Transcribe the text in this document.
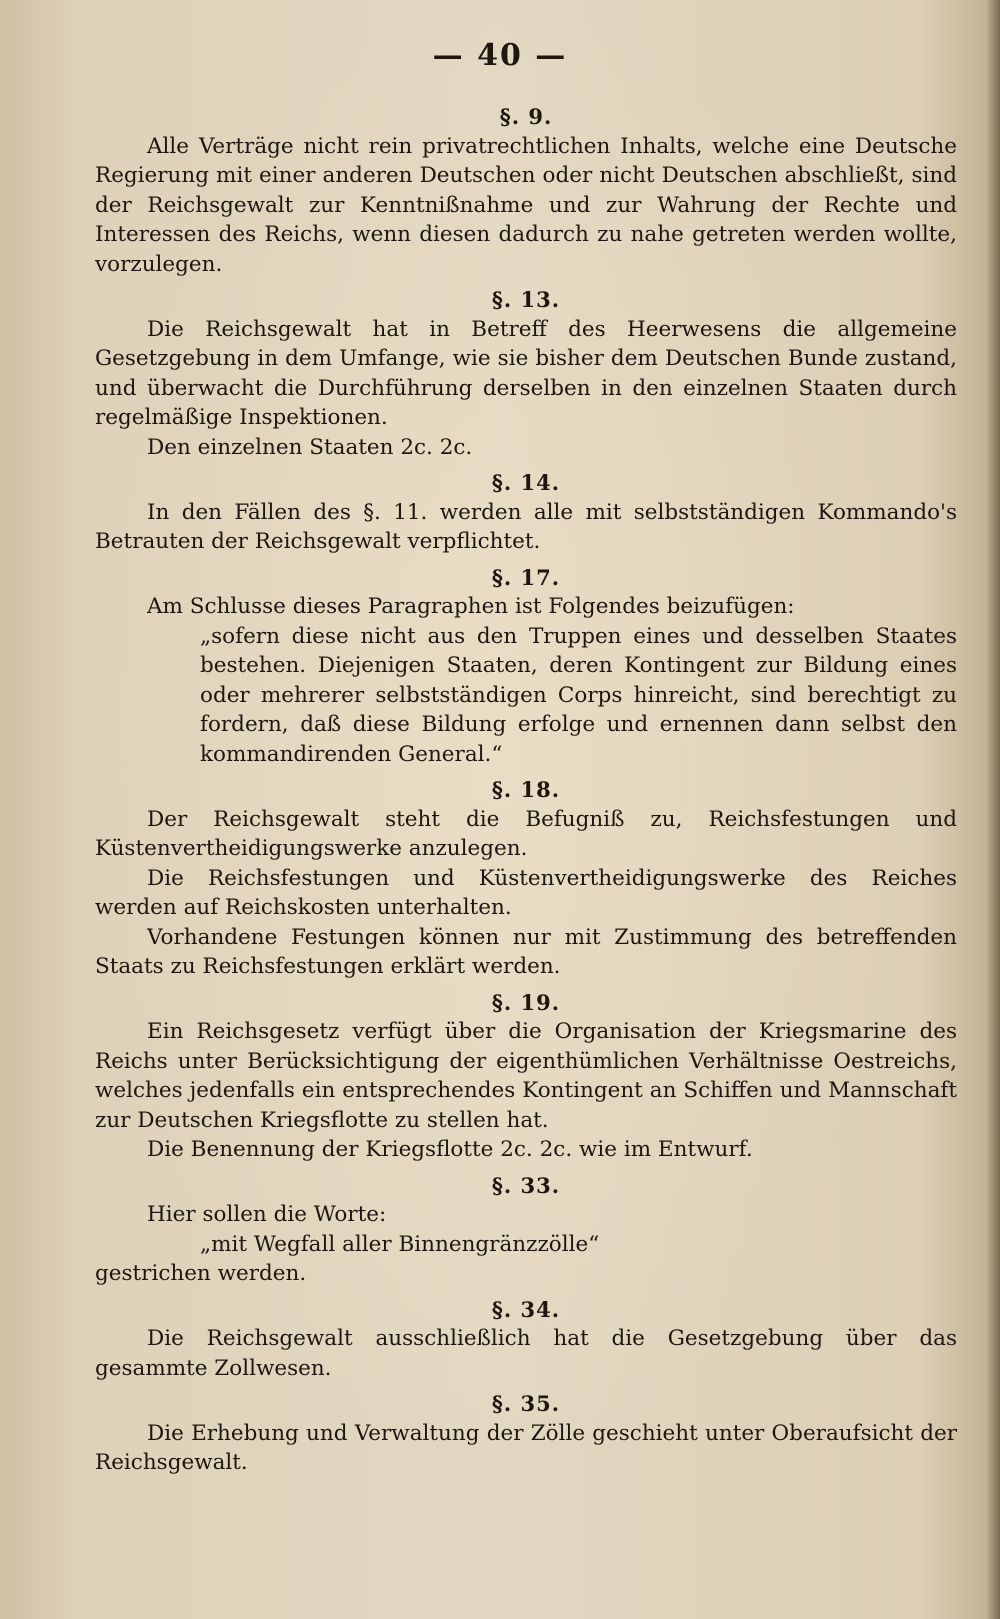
— 40 —
§. 9.

Alle Verträge nicht rein privatrechtlichen Inhalts, welche eine Deutsche Regierung mit einer anderen Deutschen oder nicht Deutschen abschließt, sind der Reichsgewalt zur Kenntnißnahme und zur Wahrung der Rechte und Interessen des Reichs, wenn diesen dadurch zu nahe getreten werden wollte, vorzulegen.

§. 13.

Die Reichsgewalt hat in Betreff des Heerwesens die allgemeine Gesetzgebung in dem Umfange, wie sie bisher dem Deutschen Bunde zustand, und überwacht die Durchführung derselben in den einzelnen Staaten durch regelmäßige Inspektionen.

Den einzelnen Staaten 2c. 2c.

§. 14.

In den Fällen des §. 11. werden alle mit selbstständigen Kommando's Betrauten der Reichsgewalt verpflichtet.

§. 17.

Am Schlusse dieses Paragraphen ist Folgendes beizufügen:

„sofern diese nicht aus den Truppen eines und desselben Staates bestehen. Diejenigen Staaten, deren Kontingent zur Bildung eines oder mehrerer selbstständigen Corps hinreicht, sind berechtigt zu fordern, daß diese Bildung erfolge und ernennen dann selbst den kommandirenden General.“

§. 18.

Der Reichsgewalt steht die Befugniß zu, Reichsfestungen und Küstenvertheidigungswerke anzulegen.

Die Reichsfestungen und Küstenvertheidigungswerke des Reiches werden auf Reichskosten unterhalten.

Vorhandene Festungen können nur mit Zustimmung des betreffenden Staats zu Reichsfestungen erklärt werden.

§. 19.

Ein Reichsgesetz verfügt über die Organisation der Kriegsmarine des Reichs unter Berücksichtigung der eigenthümlichen Verhältnisse Oestreichs, welches jedenfalls ein entsprechendes Kontingent an Schiffen und Mannschaft zur Deutschen Kriegsflotte zu stellen hat.

Die Benennung der Kriegsflotte 2c. 2c. wie im Entwurf.

§. 33.

Hier sollen die Worte:

„mit Wegfall aller Binnengränzzölle“

gestrichen werden.

§. 34.

Die Reichsgewalt ausschließlich hat die Gesetzgebung über das gesammte Zollwesen.

§. 35.

Die Erhebung und Verwaltung der Zölle geschieht unter Oberaufsicht der Reichsgewalt.
